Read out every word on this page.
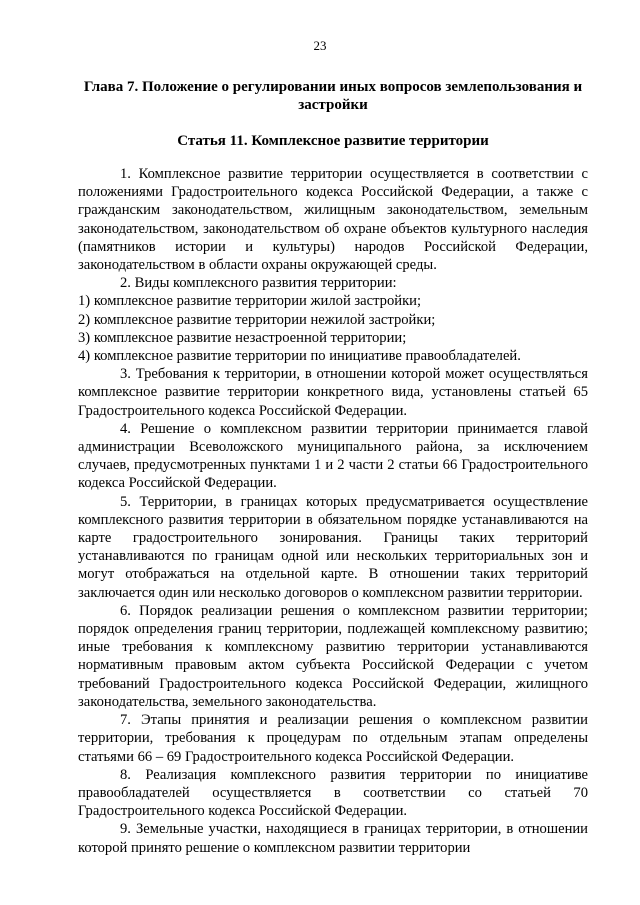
23
Глава 7. Положение о регулировании иных вопросов землепользования и застройки
Статья 11. Комплексное развитие территории

1. Комплексное развитие территории осуществляется в соответствии с положениями Градостроительного кодекса Российской Федерации, а также с гражданским законодательством, жилищным законодательством, земельным законодательством, законодательством об охране объектов культурного наследия (памятников истории и культуры) народов Российской Федерации, законодательством в области охраны окружающей среды.

2. Виды комплексного развития территории:

1) комплексное развитие территории жилой застройки;
2) комплексное развитие территории нежилой застройки;
3) комплексное развитие незастроенной территории;
4) комплексное развитие территории по инициативе правообладателей.

3. Требования к территории, в отношении которой может осуществляться комплексное развитие территории конкретного вида, установлены статьей 65 Градостроительного кодекса Российской Федерации.

4. Решение о комплексном развитии территории принимается главой администрации Всеволожского муниципального района, за исключением случаев, предусмотренных пунктами 1 и 2 части 2 статьи 66 Градостроительного кодекса Российской Федерации.

5. Территории, в границах которых предусматривается осуществление комплексного развития территории в обязательном порядке устанавливаются на карте градостроительного зонирования. Границы таких территорий устанавливаются по границам одной или нескольких территориальных зон и могут отображаться на отдельной карте. В отношении таких территорий заключается один или несколько договоров о комплексном развитии территории.

6. Порядок реализации решения о комплексном развитии территории; порядок определения границ территории, подлежащей комплексному развитию; иные требования к комплексному развитию территории устанавливаются нормативным правовым актом субъекта Российской Федерации с учетом требований Градостроительного кодекса Российской Федерации, жилищного законодательства, земельного законодательства.

7. Этапы принятия и реализации решения о комплексном развитии территории, требования к процедурам по отдельным этапам определены статьями 66 – 69 Градостроительного кодекса Российской Федерации.

8. Реализация комплексного развития территории по инициативе правообладателей осуществляется в соответствии со статьей 70 Градостроительного кодекса Российской Федерации.

9. Земельные участки, находящиеся в границах территории, в отношении которой принято решение о комплексном развитии территории
